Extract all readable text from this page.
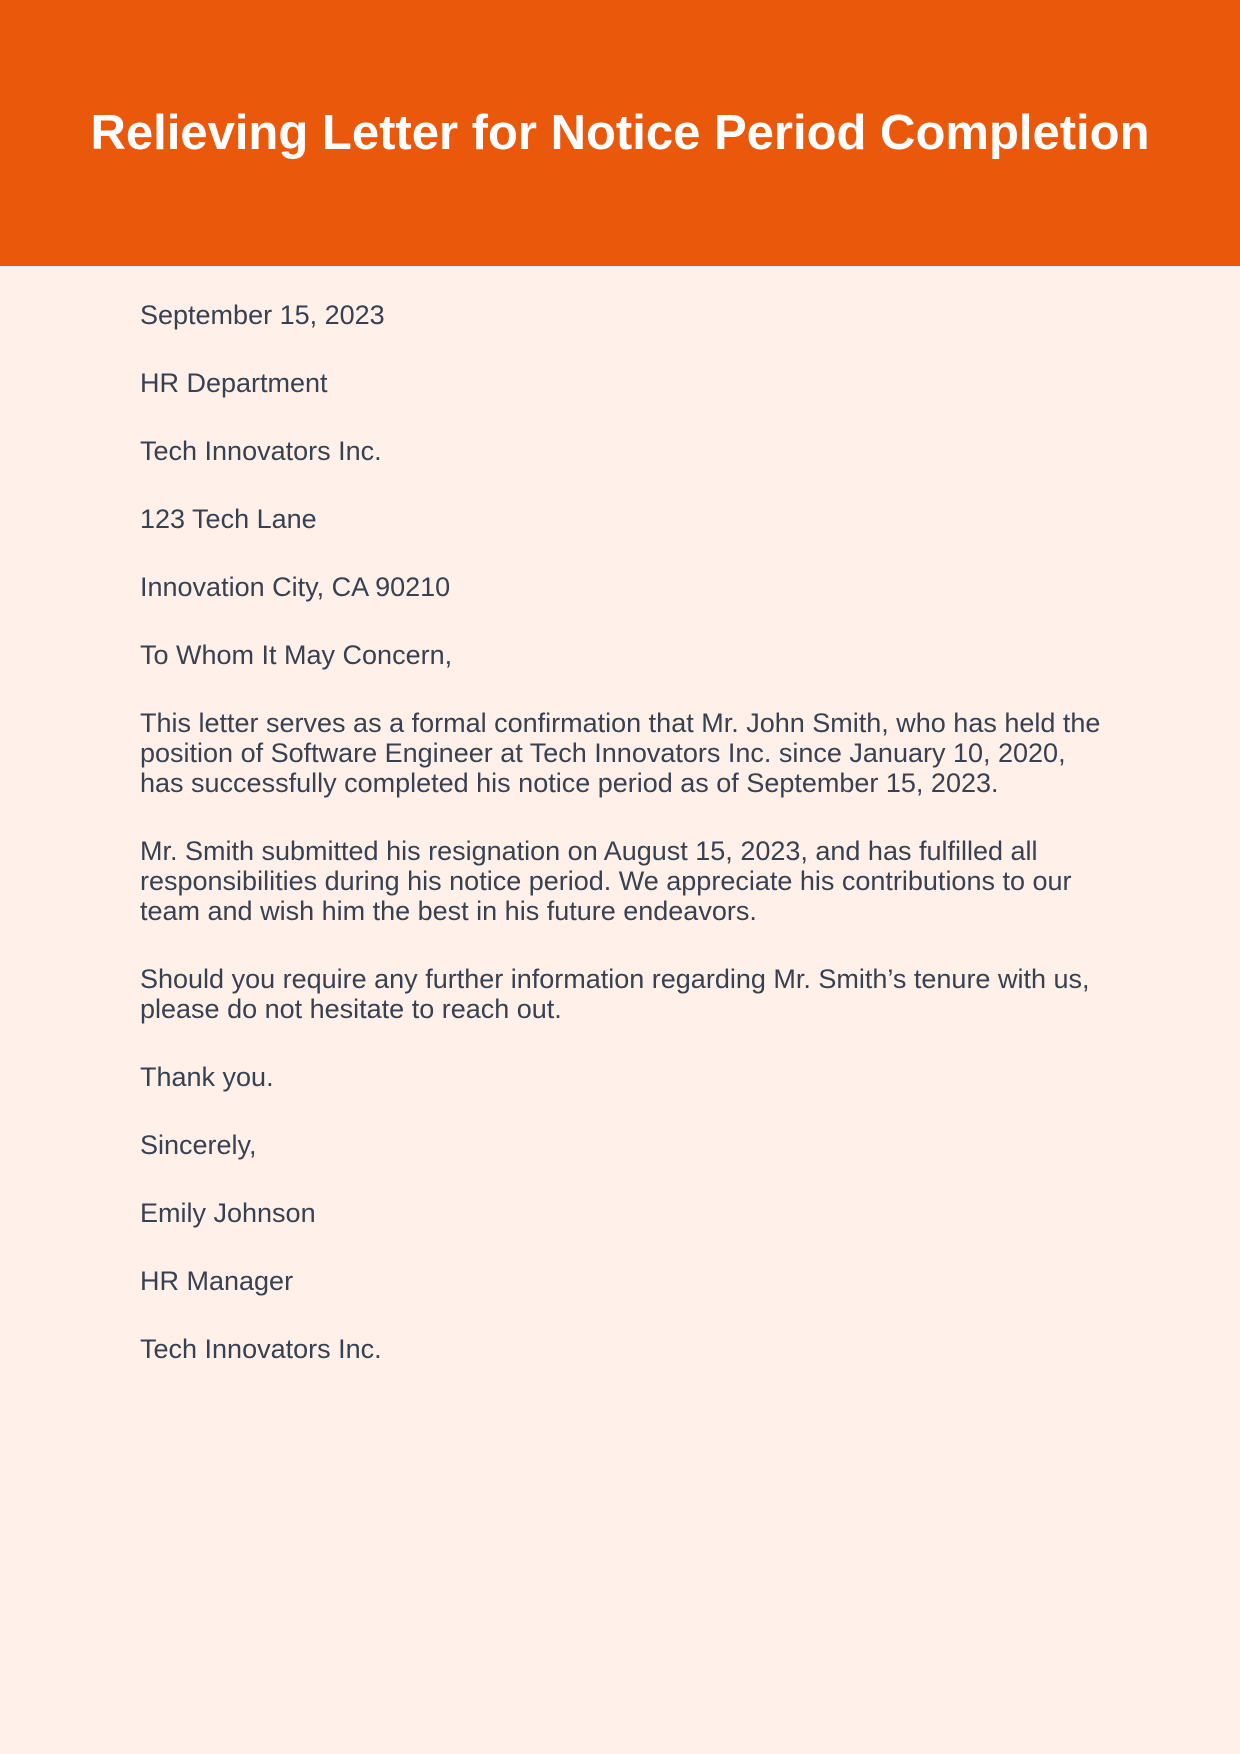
Relieving Letter for Notice Period Completion

September 15, 2023

HR Department

Tech Innovators Inc.

123 Tech Lane

Innovation City, CA 90210

To Whom It May Concern,

This letter serves as a formal confirmation that Mr. John Smith, who has held the position of Software Engineer at Tech Innovators Inc. since January 10, 2020, has successfully completed his notice period as of September 15, 2023.

Mr. Smith submitted his resignation on August 15, 2023, and has fulfilled all responsibilities during his notice period. We appreciate his contributions to our team and wish him the best in his future endeavors.

Should you require any further information regarding Mr. Smith’s tenure with us, please do not hesitate to reach out.

Thank you.

Sincerely,

Emily Johnson

HR Manager

Tech Innovators Inc.
